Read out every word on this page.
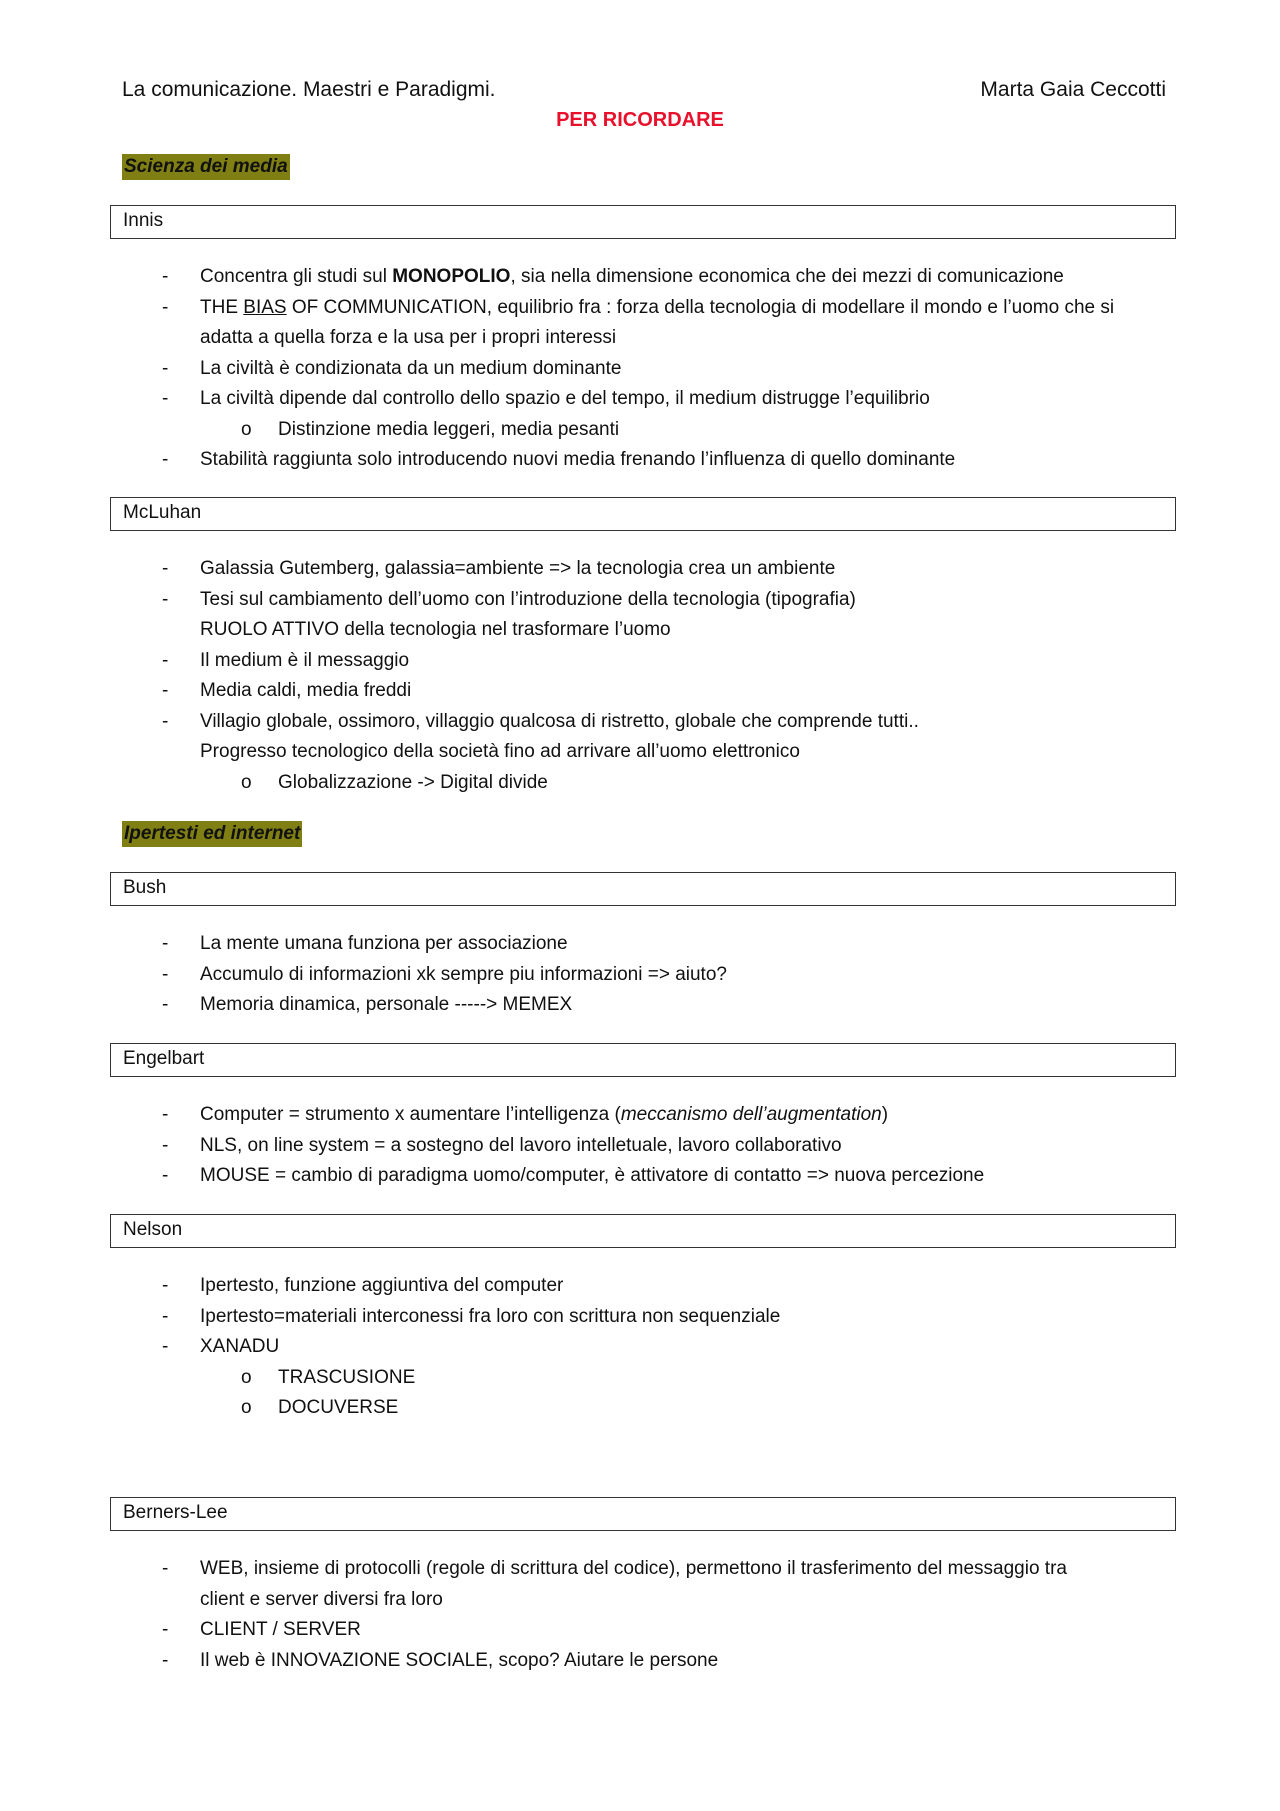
La comunicazione. Maestri e Paradigmi.	Marta Gaia Ceccotti
PER RICORDARE
Scienza dei media
Innis
- Concentra gli studi sul MONOPOLIO, sia nella dimensione economica che dei mezzi di comunicazione
- THE BIAS OF COMMUNICATION, equilibrio fra : forza della tecnologia di modellare il mondo e l’uomo che si
adatta a quella forza e la usa per i propri interessi
- La civiltà è condizionata da un medium dominante
- La civiltà dipende dal controllo dello spazio e del tempo, il medium distrugge l’equilibrio
o Distinzione media leggeri, media pesanti
- Stabilità raggiunta solo introducendo nuovi media frenando l’influenza di quello dominante
McLuhan
- Galassia Gutemberg, galassia=ambiente => la tecnologia crea un ambiente
- Tesi sul cambiamento dell’uomo con l’introduzione della tecnologia (tipografia)
RUOLO ATTIVO della tecnologia nel trasformare l’uomo
- Il medium è il messaggio
- Media caldi, media freddi
- Villagio globale, ossimoro, villaggio qualcosa di ristretto, globale che comprende tutti..
Progresso tecnologico della società fino ad arrivare all’uomo elettronico
o Globalizzazione -> Digital divide
Ipertesti ed internet
Bush
- La mente umana funziona per associazione
- Accumulo di informazioni xk sempre piu informazioni => aiuto?
- Memoria dinamica, personale -----> MEMEX
Engelbart
- Computer = strumento x aumentare l’intelligenza (meccanismo dell’augmentation)
- NLS, on line system = a sostegno del lavoro intelletuale, lavoro collaborativo
- MOUSE = cambio di paradigma uomo/computer, è attivatore di contatto => nuova percezione
Nelson
- Ipertesto, funzione aggiuntiva del computer
- Ipertesto=materiali interconessi fra loro con scrittura non sequenziale
- XANADU
o TRASCUSIONE
o DOCUVERSE
Berners-Lee
- WEB, insieme di protocolli (regole di scrittura del codice), permettono il trasferimento del messaggio tra
client e server diversi fra loro
- CLIENT / SERVER
- Il web è INNOVAZIONE SOCIALE, scopo? Aiutare le persone
